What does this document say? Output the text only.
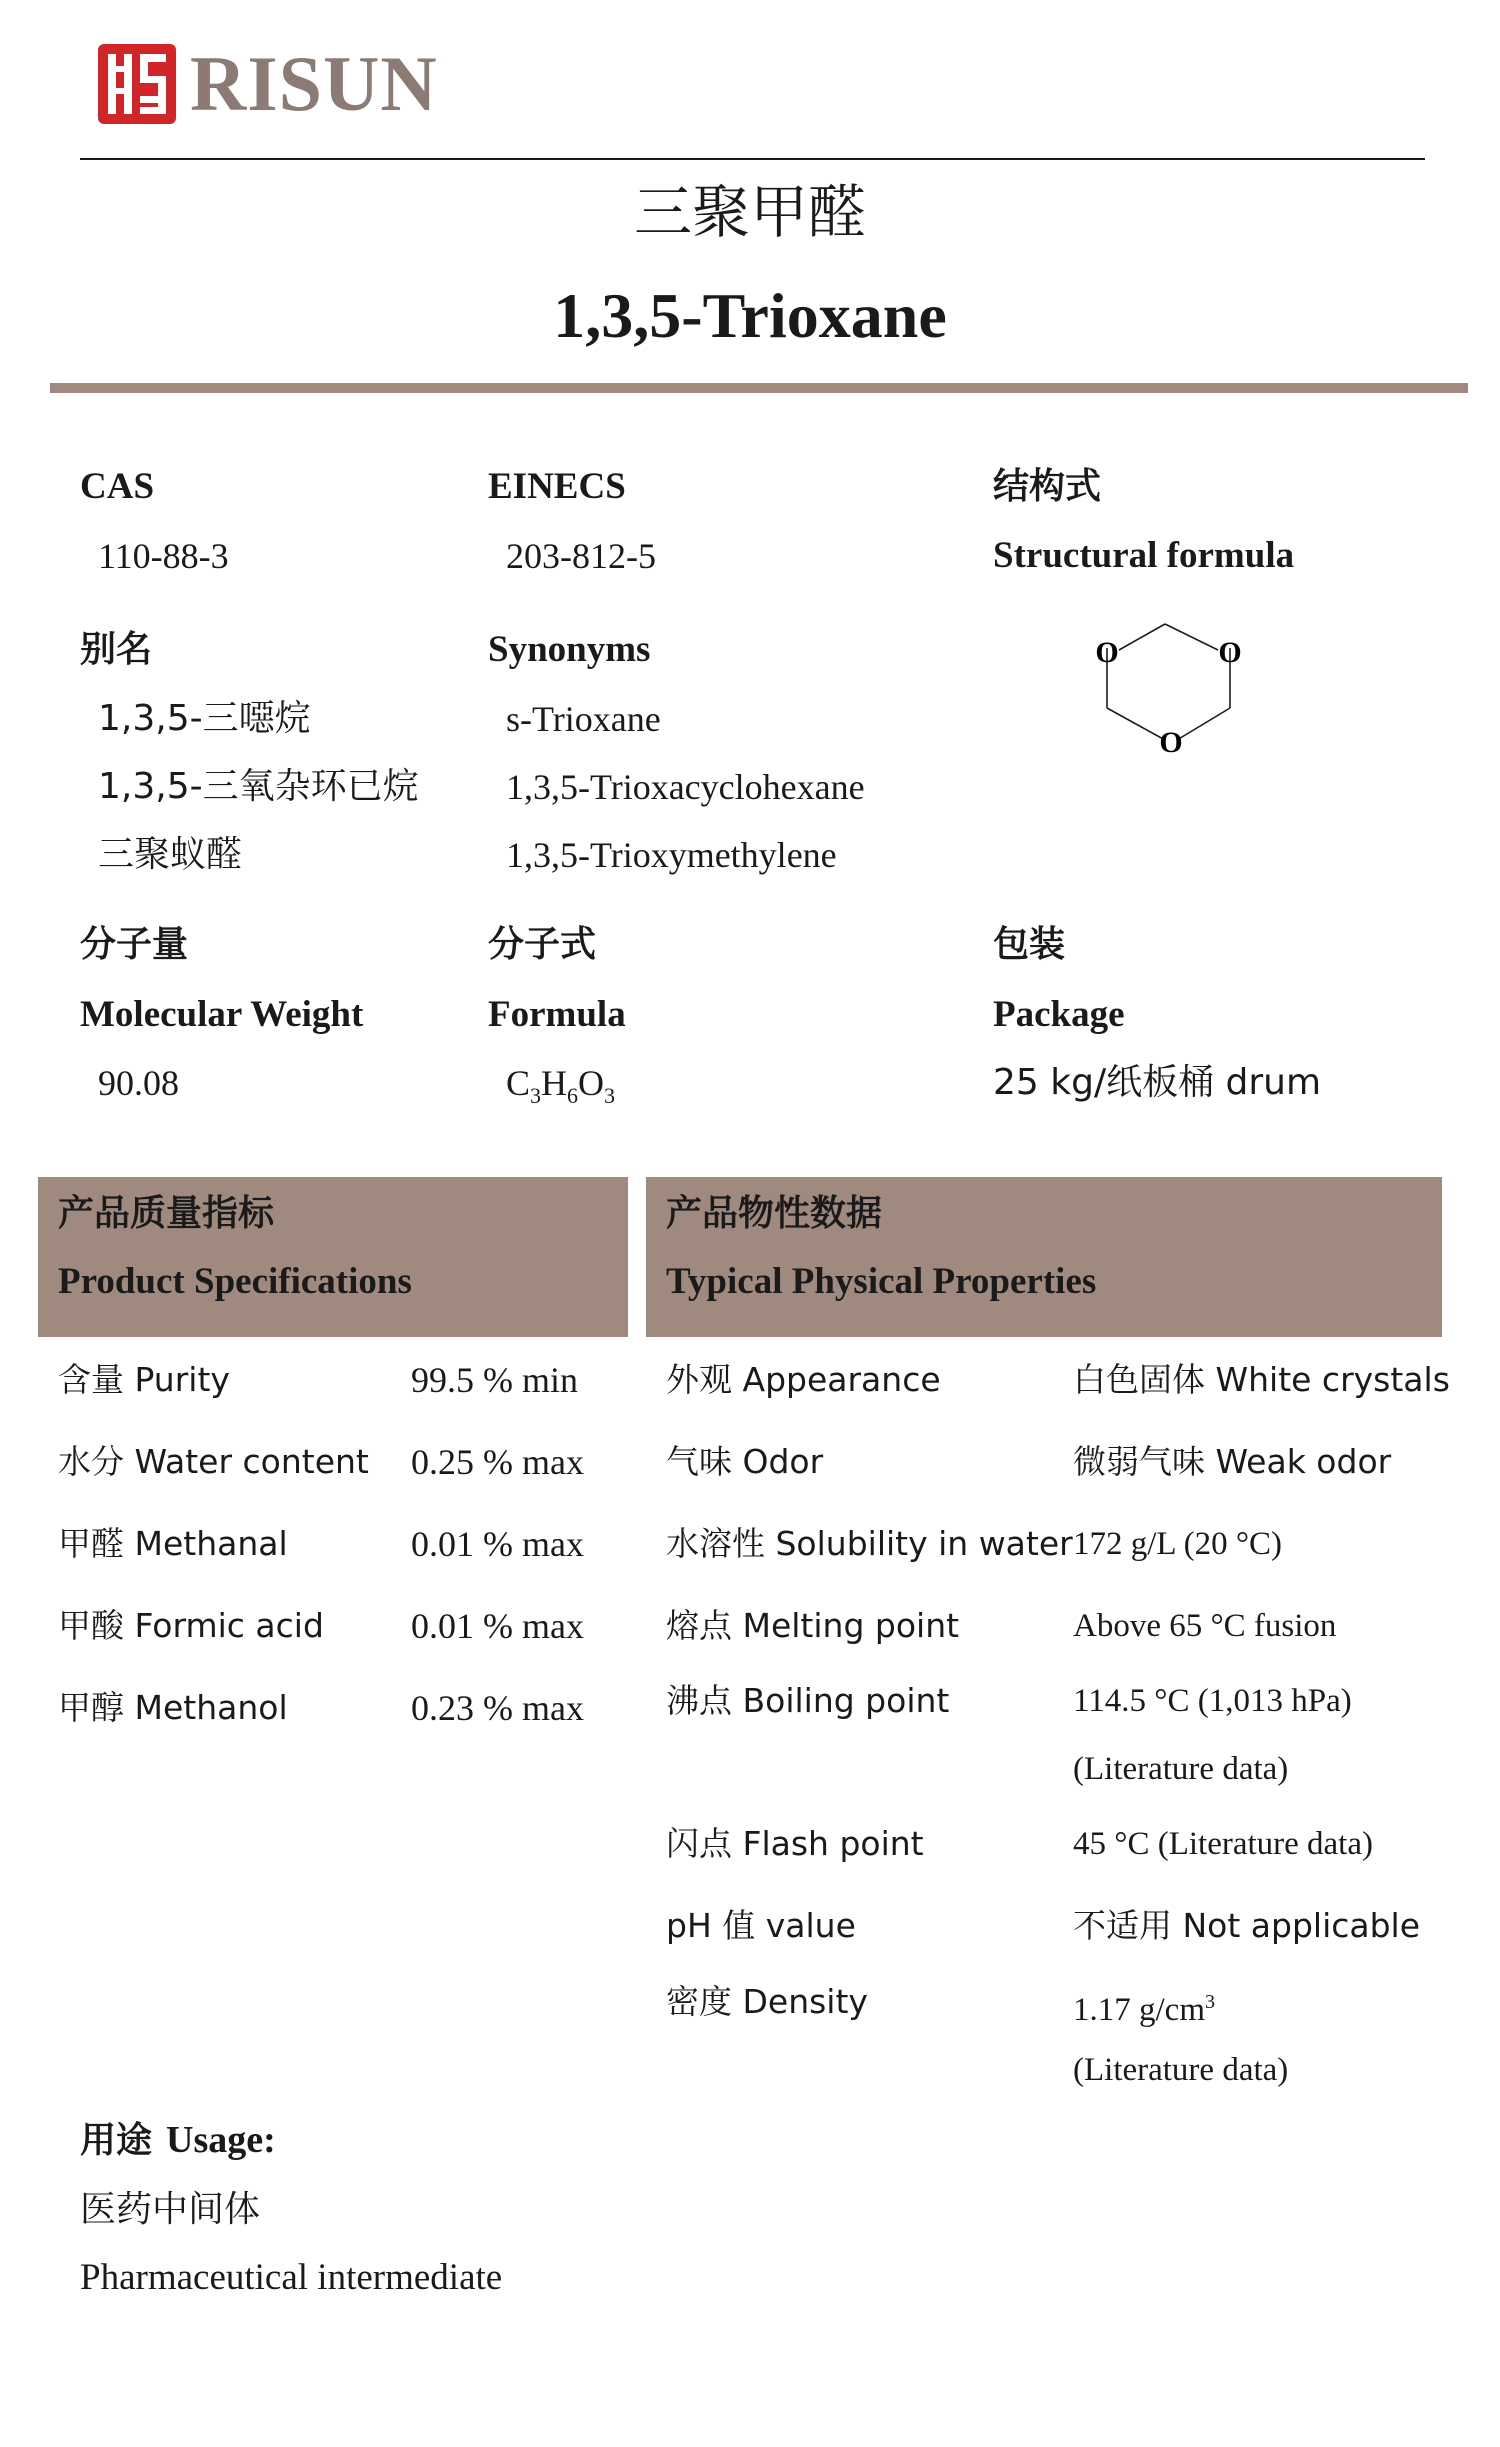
RISUN
三聚甲醛
1,3,5-Trioxane
CAS
110-88-3
EINECS
203-812-5
结构式
Structural formula
O	O
O
别名
1,3,5-三噁烷
1,3,5-三氧杂环已烷
三聚蚁醛
Synonyms
s-Trioxane
1,3,5-Trioxacyclohexane
1,3,5-Trioxymethylene
分子量
Molecular Weight
90.08
分子式
Formula
$C_3H_6O_3$
包装
Package
25 kg/纸板桶 drum
产品质量指标
Product Specifications
产品物性数据
Typical Physical Properties
含量 Purity	99.5 % min
水分 Water content 0.25 % max
甲醛 Methanal	0.01 % max
甲酸 Formic acid 0.01 % max
甲醇 Methanol	0.23 % max
外观 Appearance	白色固体 White crystals
气味 Odor	微弱气味 Weak odor
水溶性 Solubility in water 172 g/L (20 °C)
熔点 Melting point	Above 65 °C fusion
沸点 Boiling point	114.5 °C (1,013 hPa)
(Literature data)
闪点 Flash point	45 °C (Literature data)
pH 值 value	不适用 Not applicable
密度 Density	1.17 $g/cm^3$
(Literature data)
用途 Usage:
医药中间体
Pharmaceutical intermediate
